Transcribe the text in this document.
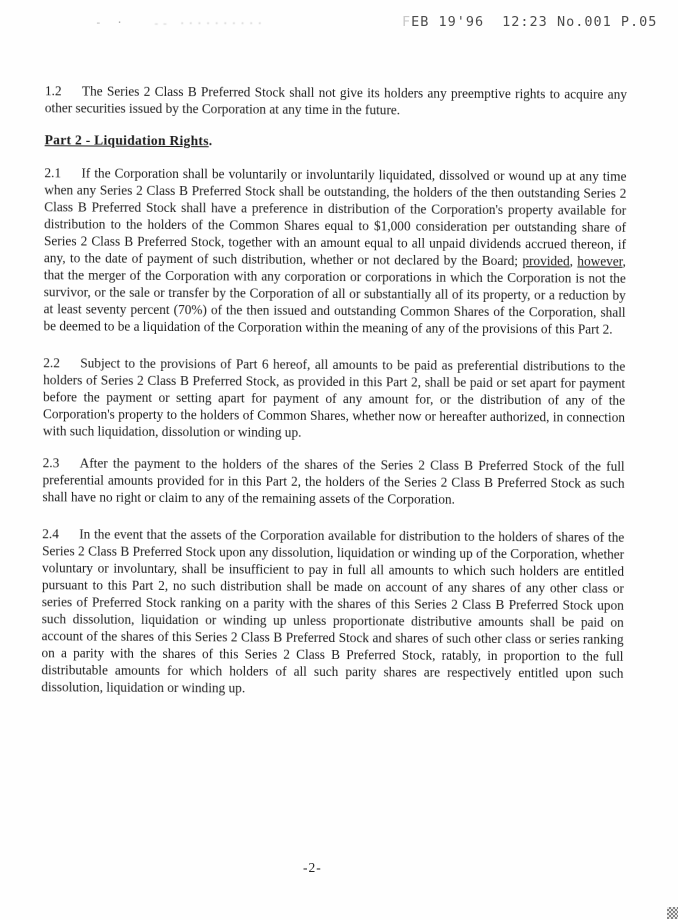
- · -- ··········	FEB 19'96 12:23 No.001 P.05

1.2 The Series 2 Class B Preferred Stock shall not give its holders any preemptive rights to acquire any other securities issued by the Corporation at any time in the future.

Part 2 - Liquidation Rights.

2.1 If the Corporation shall be voluntarily or involuntarily liquidated, dissolved or wound up at any time when any Series 2 Class B Preferred Stock shall be outstanding, the holders of the then outstanding Series 2 Class B Preferred Stock shall have a preference in distribution of the Corporation's property available for distribution to the holders of the Common Shares equal to $1,000 consideration per outstanding share of Series 2 Class B Preferred Stock, together with an amount equal to all unpaid dividends accrued thereon, if any, to the date of payment of such distribution, whether or not declared by the Board; provided, however, that the merger of the Corporation with any corporation or corporations in which the Corporation is not the survivor, or the sale or transfer by the Corporation of all or substantially all of its property, or a reduction by at least seventy percent (70%) of the then issued and outstanding Common Shares of the Corporation, shall be deemed to be a liquidation of the Corporation within the meaning of any of the provisions of this Part 2.

2.2 Subject to the provisions of Part 6 hereof, all amounts to be paid as preferential distributions to the holders of Series 2 Class B Preferred Stock, as provided in this Part 2, shall be paid or set apart for payment before the payment or setting apart for payment of any amount for, or the distribution of any of the Corporation's property to the holders of Common Shares, whether now or hereafter authorized, in connection with such liquidation, dissolution or winding up.

2.3 After the payment to the holders of the shares of the Series 2 Class B Preferred Stock of the full preferential amounts provided for in this Part 2, the holders of the Series 2 Class B Preferred Stock as such shall have no right or claim to any of the remaining assets of the Corporation.

2.4 In the event that the assets of the Corporation available for distribution to the holders of shares of the Series 2 Class B Preferred Stock upon any dissolution, liquidation or winding up of the Corporation, whether voluntary or involuntary, shall be insufficient to pay in full all amounts to which such holders are entitled pursuant to this Part 2, no such distribution shall be made on account of any shares of any other class or series of Preferred Stock ranking on a parity with the shares of this Series 2 Class B Preferred Stock upon such dissolution, liquidation or winding up unless proportionate distributive amounts shall be paid on account of the shares of this Series 2 Class B Preferred Stock and shares of such other class or series ranking on a parity with the shares of this Series 2 Class B Preferred Stock, ratably, in proportion to the full distributable amounts for which holders of all such parity shares are respectively entitled upon such dissolution, liquidation or winding up.

-2-
